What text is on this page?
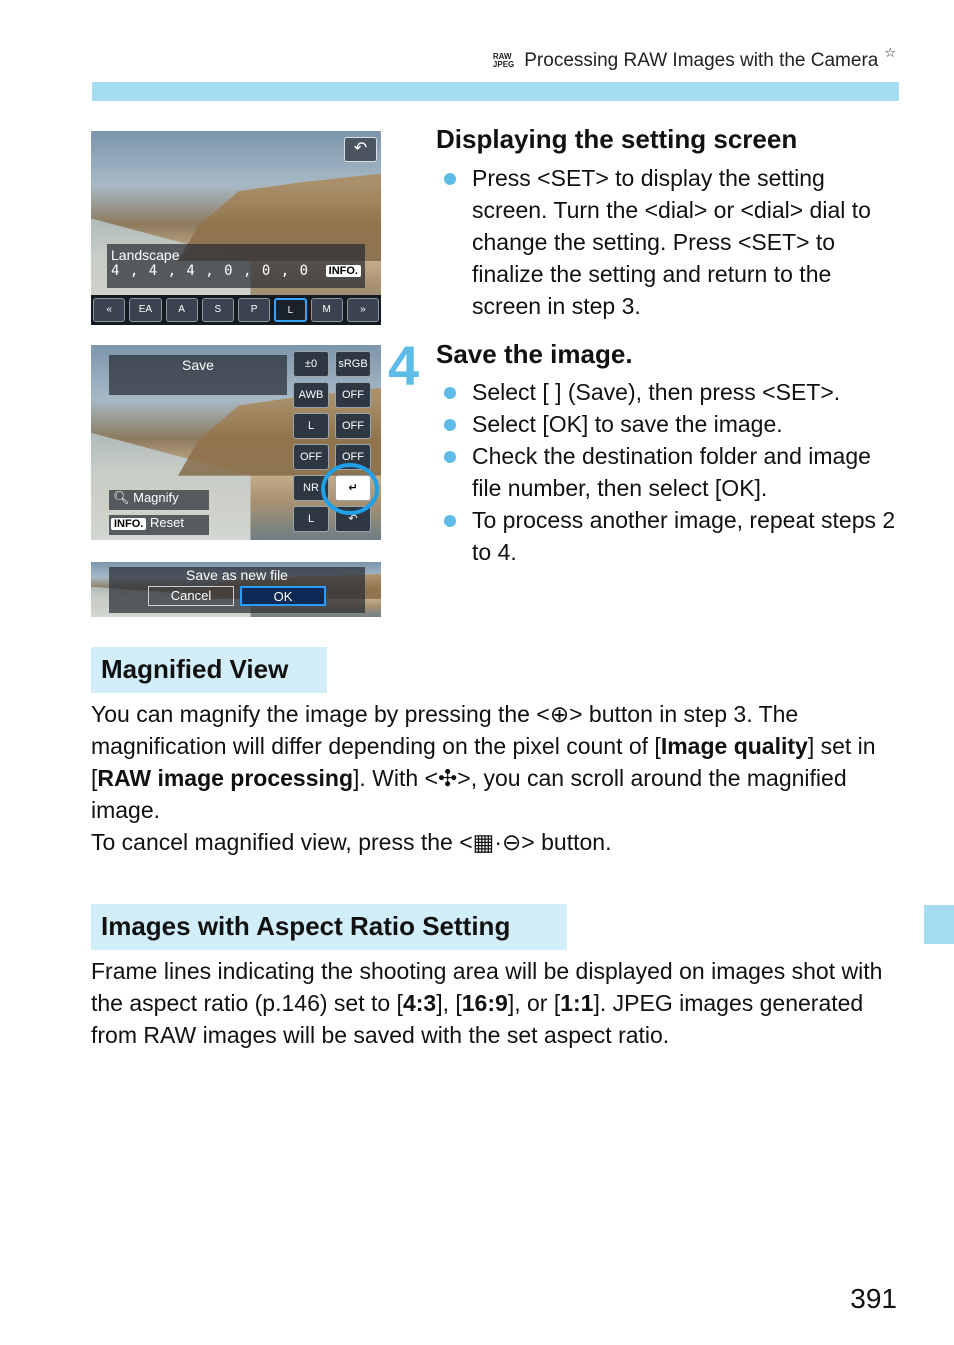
RAW
JPEG Processing RAW Images with the Camera ☆
↶
Landscape
4 , 4 , 4 , 0 , 0 , 0 INFO.
«	EA	A	S	P	L	M	»
Save
🔍︎ Magnify
INFO. Reset
±0	sRGB
AWB	OFF
L	OFF
OFF	OFF
NR	↵
L	↶
Save as new file
Cancel	OK
Displaying the setting screen
Press <SET> to display the setting screen. Turn the <dial> or <dial> dial to change the setting. Press <SET> to finalize the setting and return to the screen in step 3.
4 Save the image.
Select [ ] (Save), then press <SET>.
Select [OK] to save the image.
Check the destination folder and image file number, then select [OK].
To process another image, repeat steps 2 to 4.
Magnified View
You can magnify the image by pressing the <⊕> button in step 3. The magnification will differ depending on the pixel count of [Image quality] set in [RAW image processing]. With <✣>, you can scroll around the magnified image.
To cancel magnified view, press the <▦·⊖> button.
Images with Aspect Ratio Setting
Frame lines indicating the shooting area will be displayed on images shot with the aspect ratio (p.146) set to [4:3], [16:9], or [1:1]. JPEG images generated from RAW images will be saved with the set aspect ratio.
391
